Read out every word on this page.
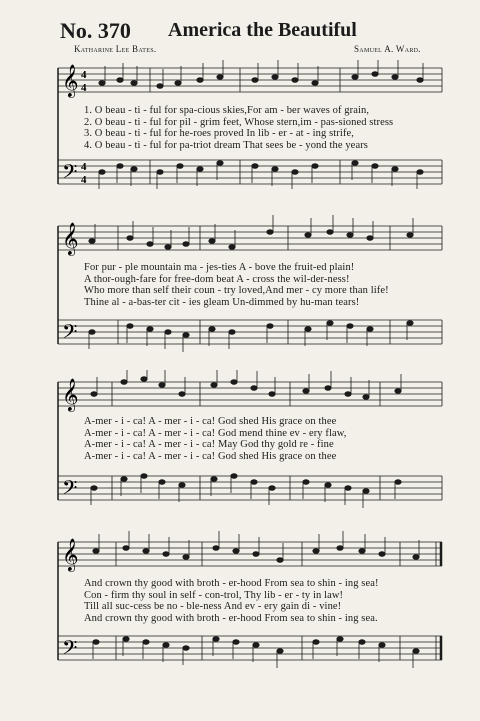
No. 370 America the Beautiful
Katharine Lee Bates.	Samuel A. Ward.
𝄞
𝄢
4
4
4
4
1. O beau - ti - ful for spa-cious skies,For am - ber waves of grain,
2. O beau - ti - ful for pil - grim feet, Whose stern,im - pas-sioned stress
3. O beau - ti - ful for he-roes proved In lib - er - at - ing strife,
4. O beau - ti - ful for pa-triot dream That sees be - yond the years
𝄞
𝄢
For pur - ple mountain ma - jes-ties A - bove the fruit-ed plain!
A thor-ough-fare for free-dom beat A - cross the wil-der-ness!
Who more than self their coun - try loved,And mer - cy more than life!
Thine al - a-bas-ter cit - ies gleam Un-dimmed by hu-man tears!
𝄞
𝄢
A-mer - i - ca! A - mer - i - ca! God shed His grace on thee
A-mer - i - ca! A - mer - i - ca! God mend thine ev - ery flaw,
A-mer - i - ca! A - mer - i - ca! May God thy gold re - fine
A-mer - i - ca! A - mer - i - ca! God shed His grace on thee
𝄞
𝄢
And crown thy good with broth - er-hood From sea to shin - ing sea!
Con - firm thy soul in self - con-trol, Thy lib - er - ty in law!
Till all suc-cess be no - ble-ness And ev - ery gain di - vine!
And crown thy good with broth - er-hood From sea to shin - ing sea.
